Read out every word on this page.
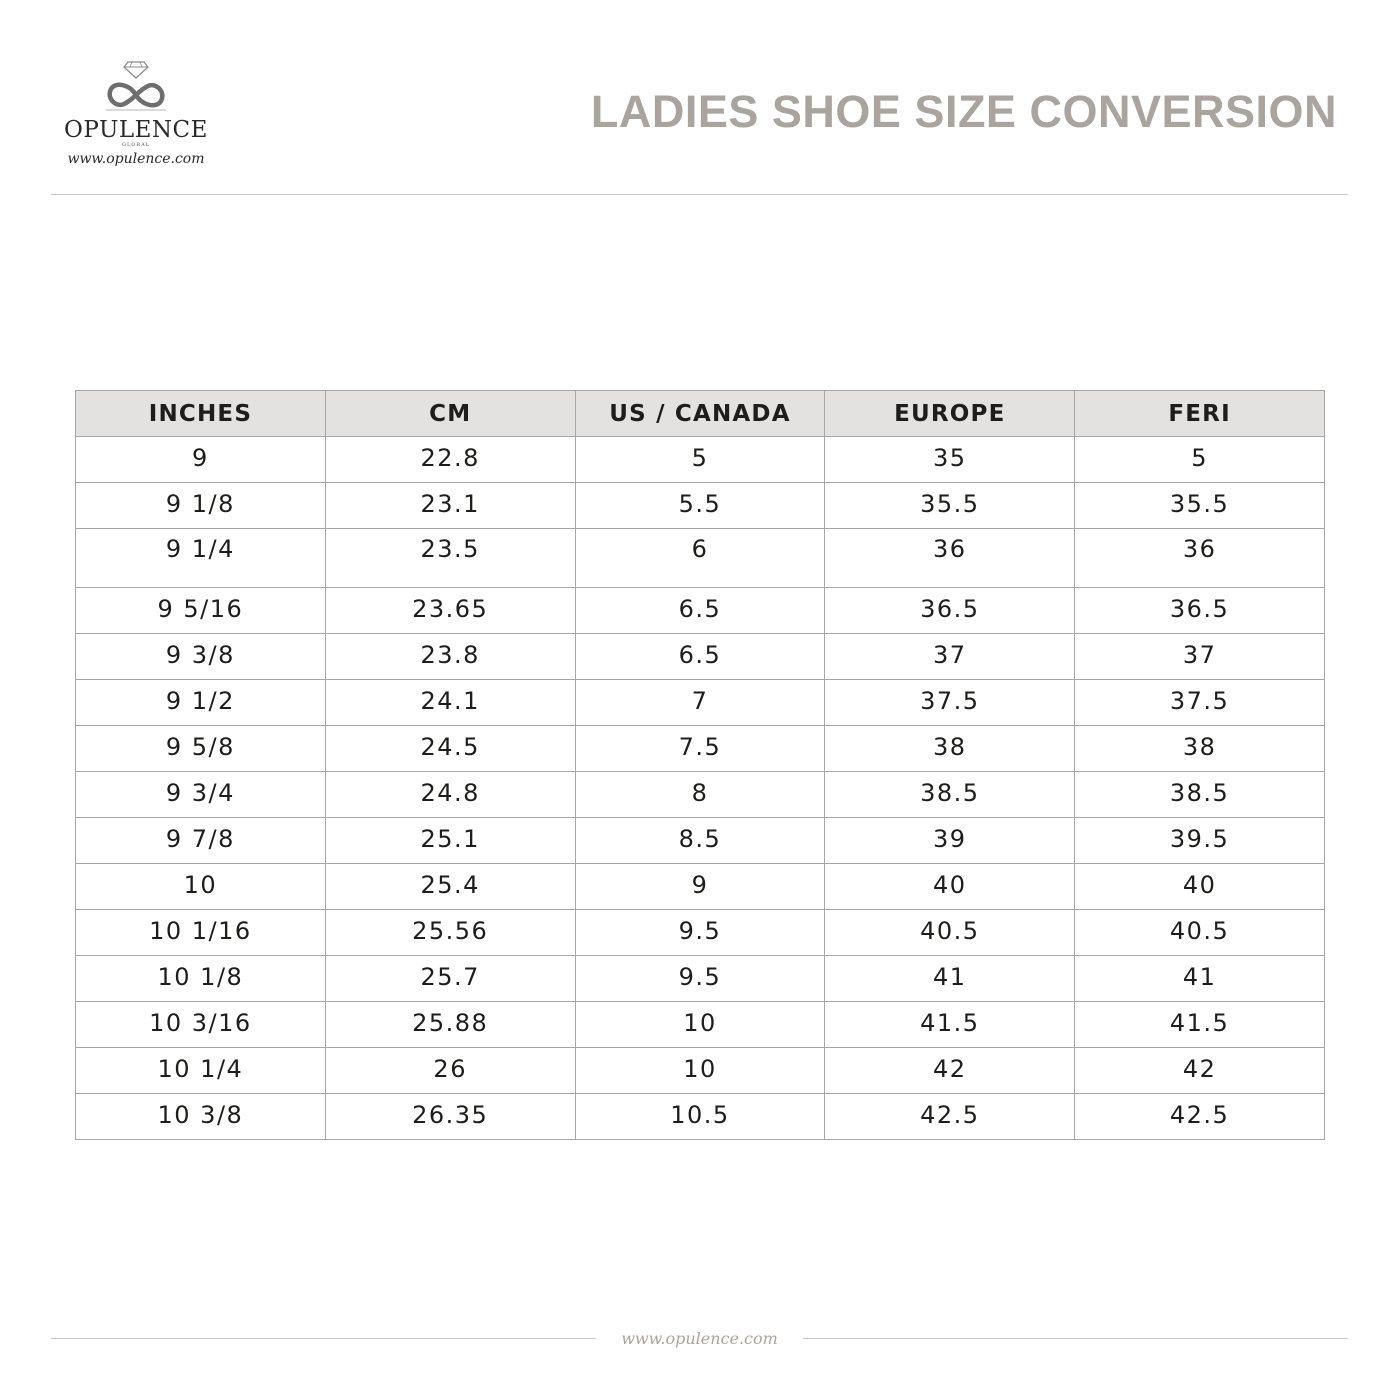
OPULENCE
GLOBAL
www.opulence.com
LADIES SHOE SIZE CONVERSION
INCHES	CM	US / CANADA	EUROPE	FERI
9	22.8	5	35	5
9 1/8	23.1	5.5	35.5	35.5
9 1/4	23.5	6	36	36
9 5/16	23.65	6.5	36.5	36.5
9 3/8	23.8	6.5	37	37
9 1/2	24.1	7	37.5	37.5
9 5/8	24.5	7.5	38	38
9 3/4	24.8	8	38.5	38.5
9 7/8	25.1	8.5	39	39.5
10	25.4	9	40	40
10 1/16	25.56	9.5	40.5	40.5
10 1/8	25.7	9.5	41	41
10 3/16	25.88	10	41.5	41.5
10 1/4	26	10	42	42
10 3/8	26.35	10.5	42.5	42.5
www.opulence.com
